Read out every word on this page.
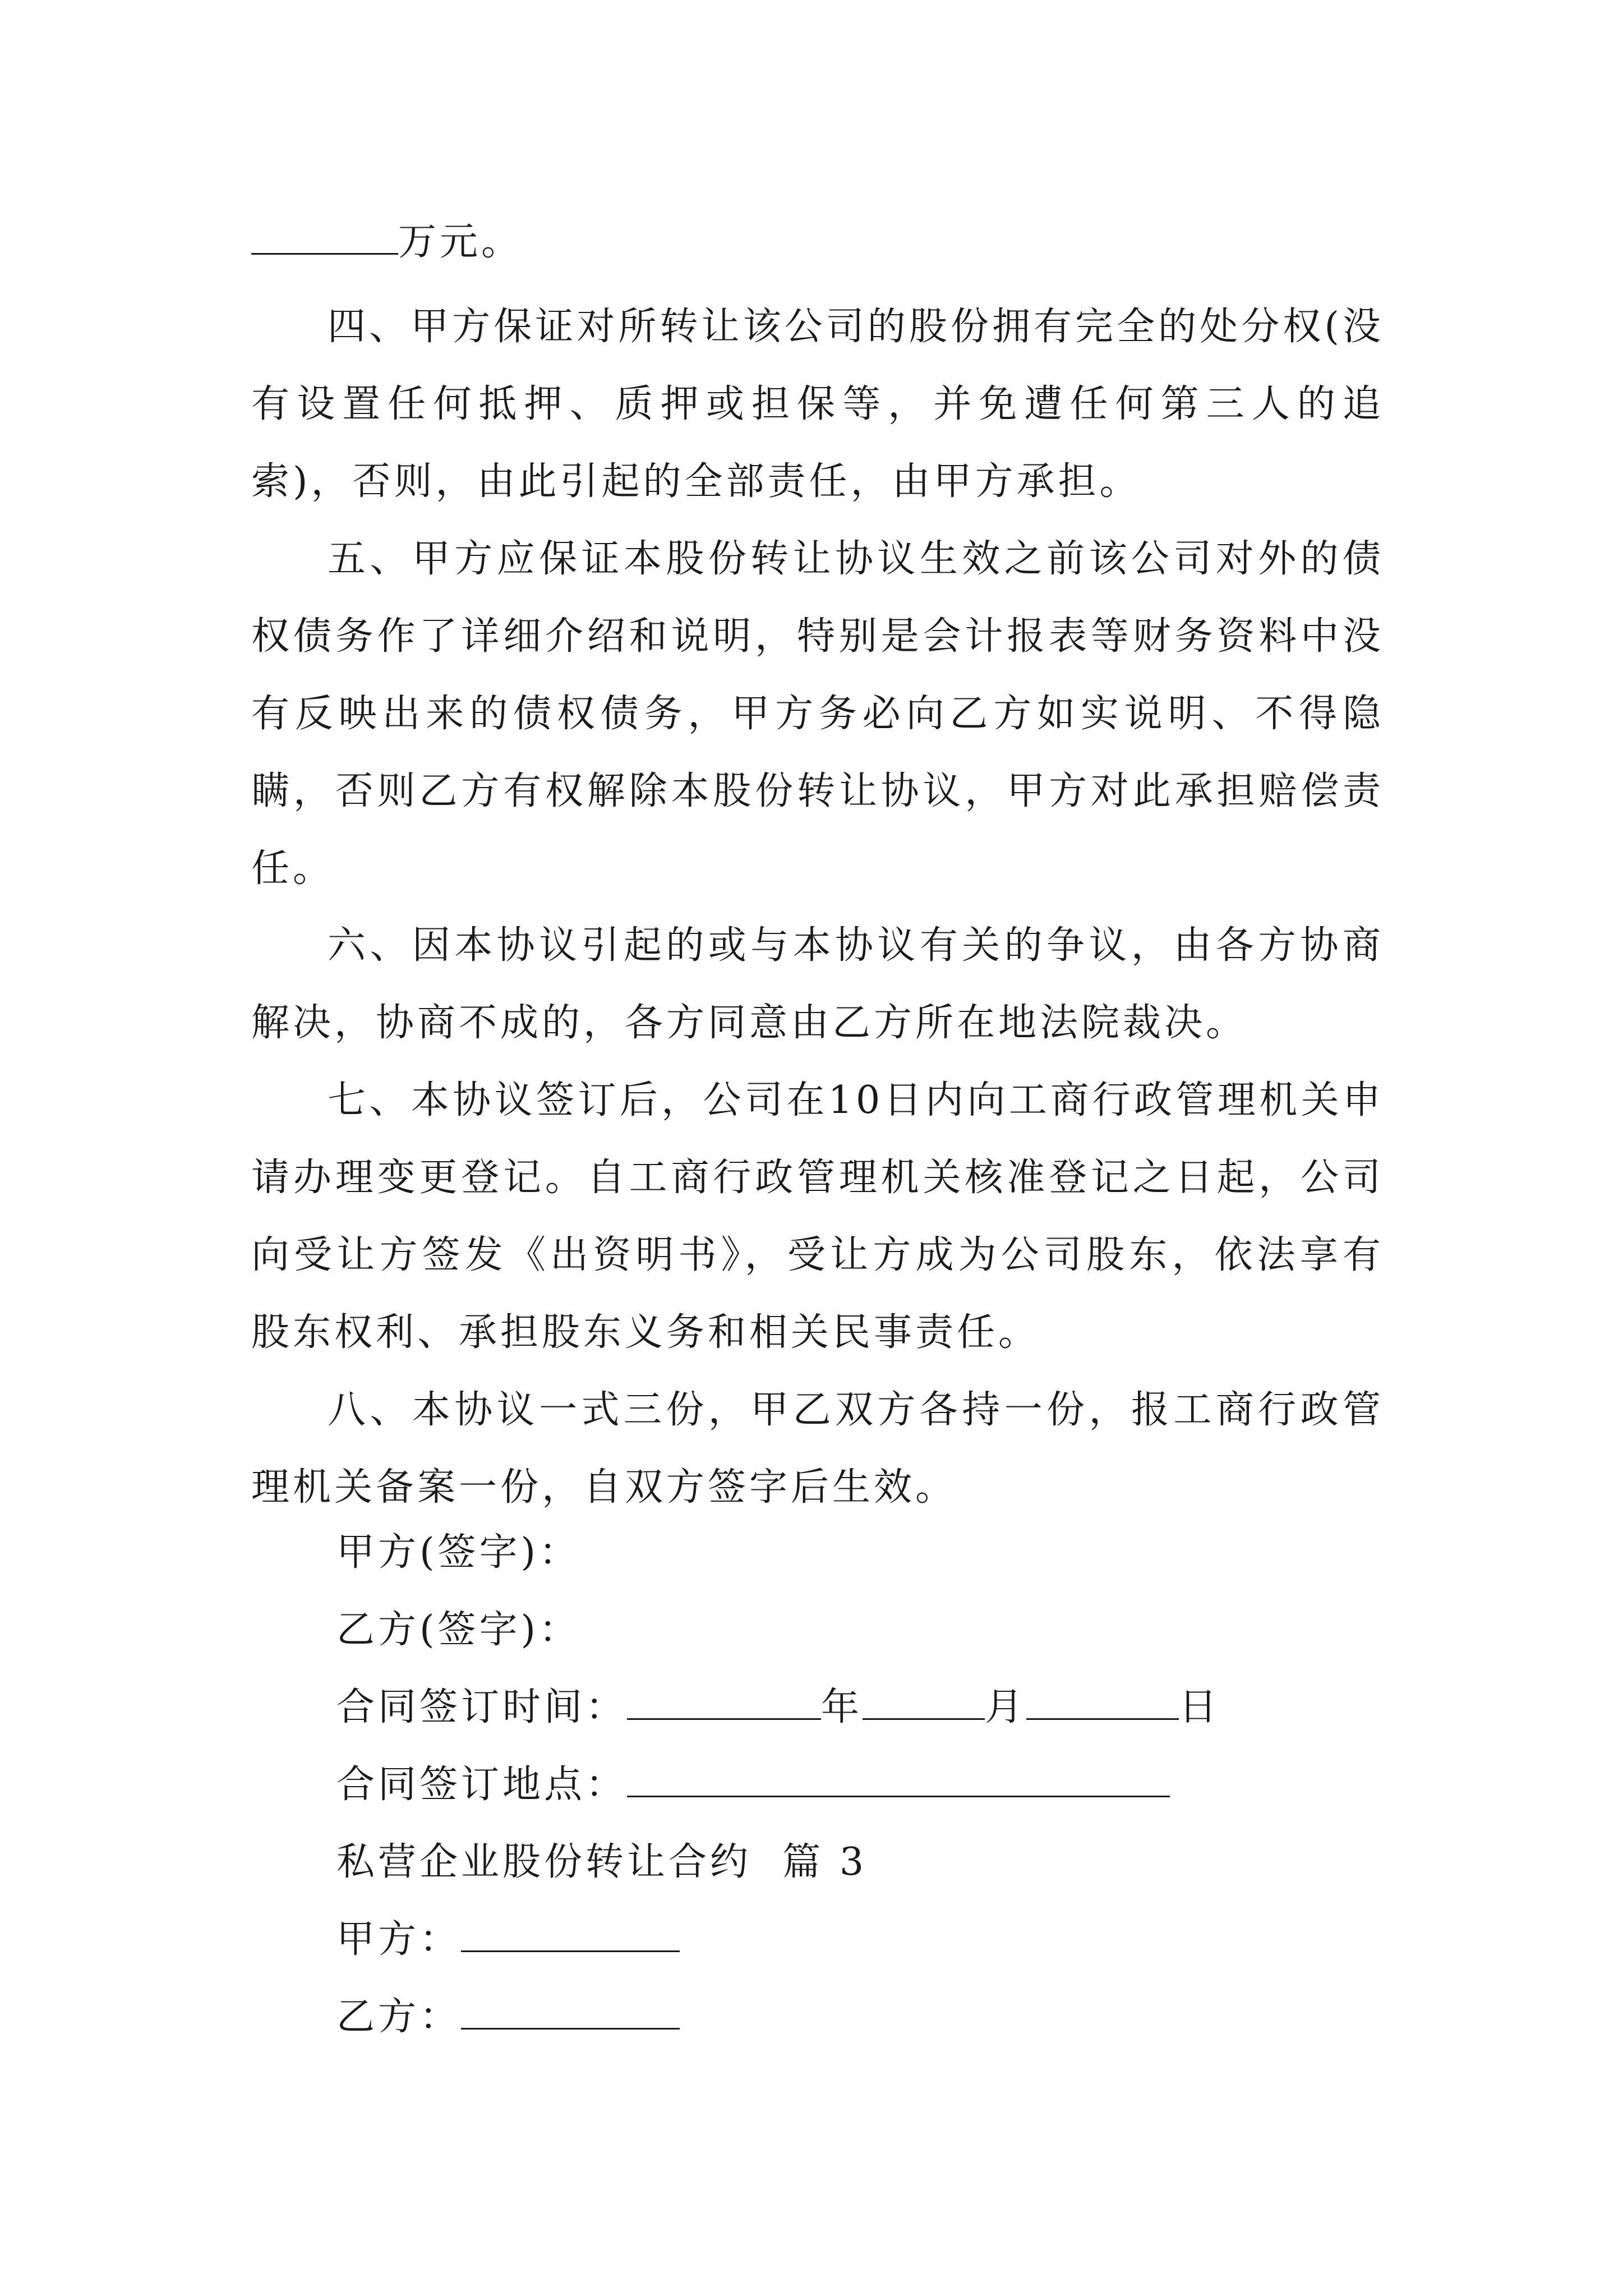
万元。

四、甲方保证对所转让该公司的股份拥有完全的处分权(没有设置任何抵押、质押或担保等，并免遭任何第三人的追索)，否则，由此引起的全部责任，由甲方承担。

五、甲方应保证本股份转让协议生效之前该公司对外的债权债务作了详细介绍和说明，特别是会计报表等财务资料中没有反映出来的债权债务，甲方务必向乙方如实说明、不得隐瞒，否则乙方有权解除本股份转让协议，甲方对此承担赔偿责任。

六、因本协议引起的或与本协议有关的争议，由各方协商解决，协商不成的，各方同意由乙方所在地法院裁决。

七、本协议签订后，公司在10日内向工商行政管理机关申请办理变更登记。自工商行政管理机关核准登记之日起，公司向受让方签发《出资明书》，受让方成为公司股东，依法享有股东权利、承担股东义务和相关民事责任。

八、本协议一式三份，甲乙双方各持一份，报工商行政管理机关备案一份，自双方签字后生效。

甲方(签字)：
乙方(签字)：
合同签订时间：	年	月	日
合同签订地点：
私营企业股份转让合约  篇 3
甲方：
乙方：
